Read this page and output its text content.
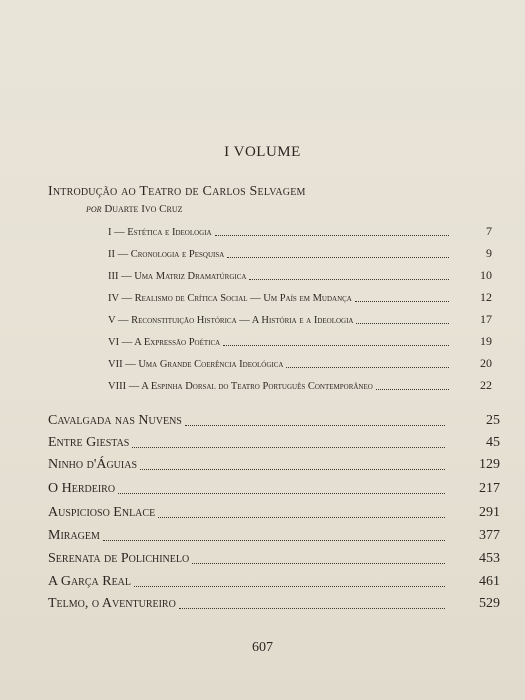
I VOLUME
Introdução ao Teatro de Carlos Selvagem
por Duarte Ivo Cruz
I — Estética e Ideologia	7
II — Cronologia e Pesquisa	9
III — Uma Matriz Dramatúrgica	10
IV — Realismo de Crítica Social — Um País em Mudança	12
V — Reconstituição Histórica — A História e a Ideologia	17
VI — A Expressão Poética	19
VII — Uma Grande Coerência Ideológica	20
VIII — A Espinha Dorsal do Teatro Português Contemporâneo	22
Cavalgada nas Nuvens	25
Entre Giestas	45
Ninho d'Águias	129
O Herdeiro	217
Auspicioso Enlace	291
Miragem	377
Serenata de Polichinelo	453
A Garça Real	461
Telmo, o Aventureiro	529
607
